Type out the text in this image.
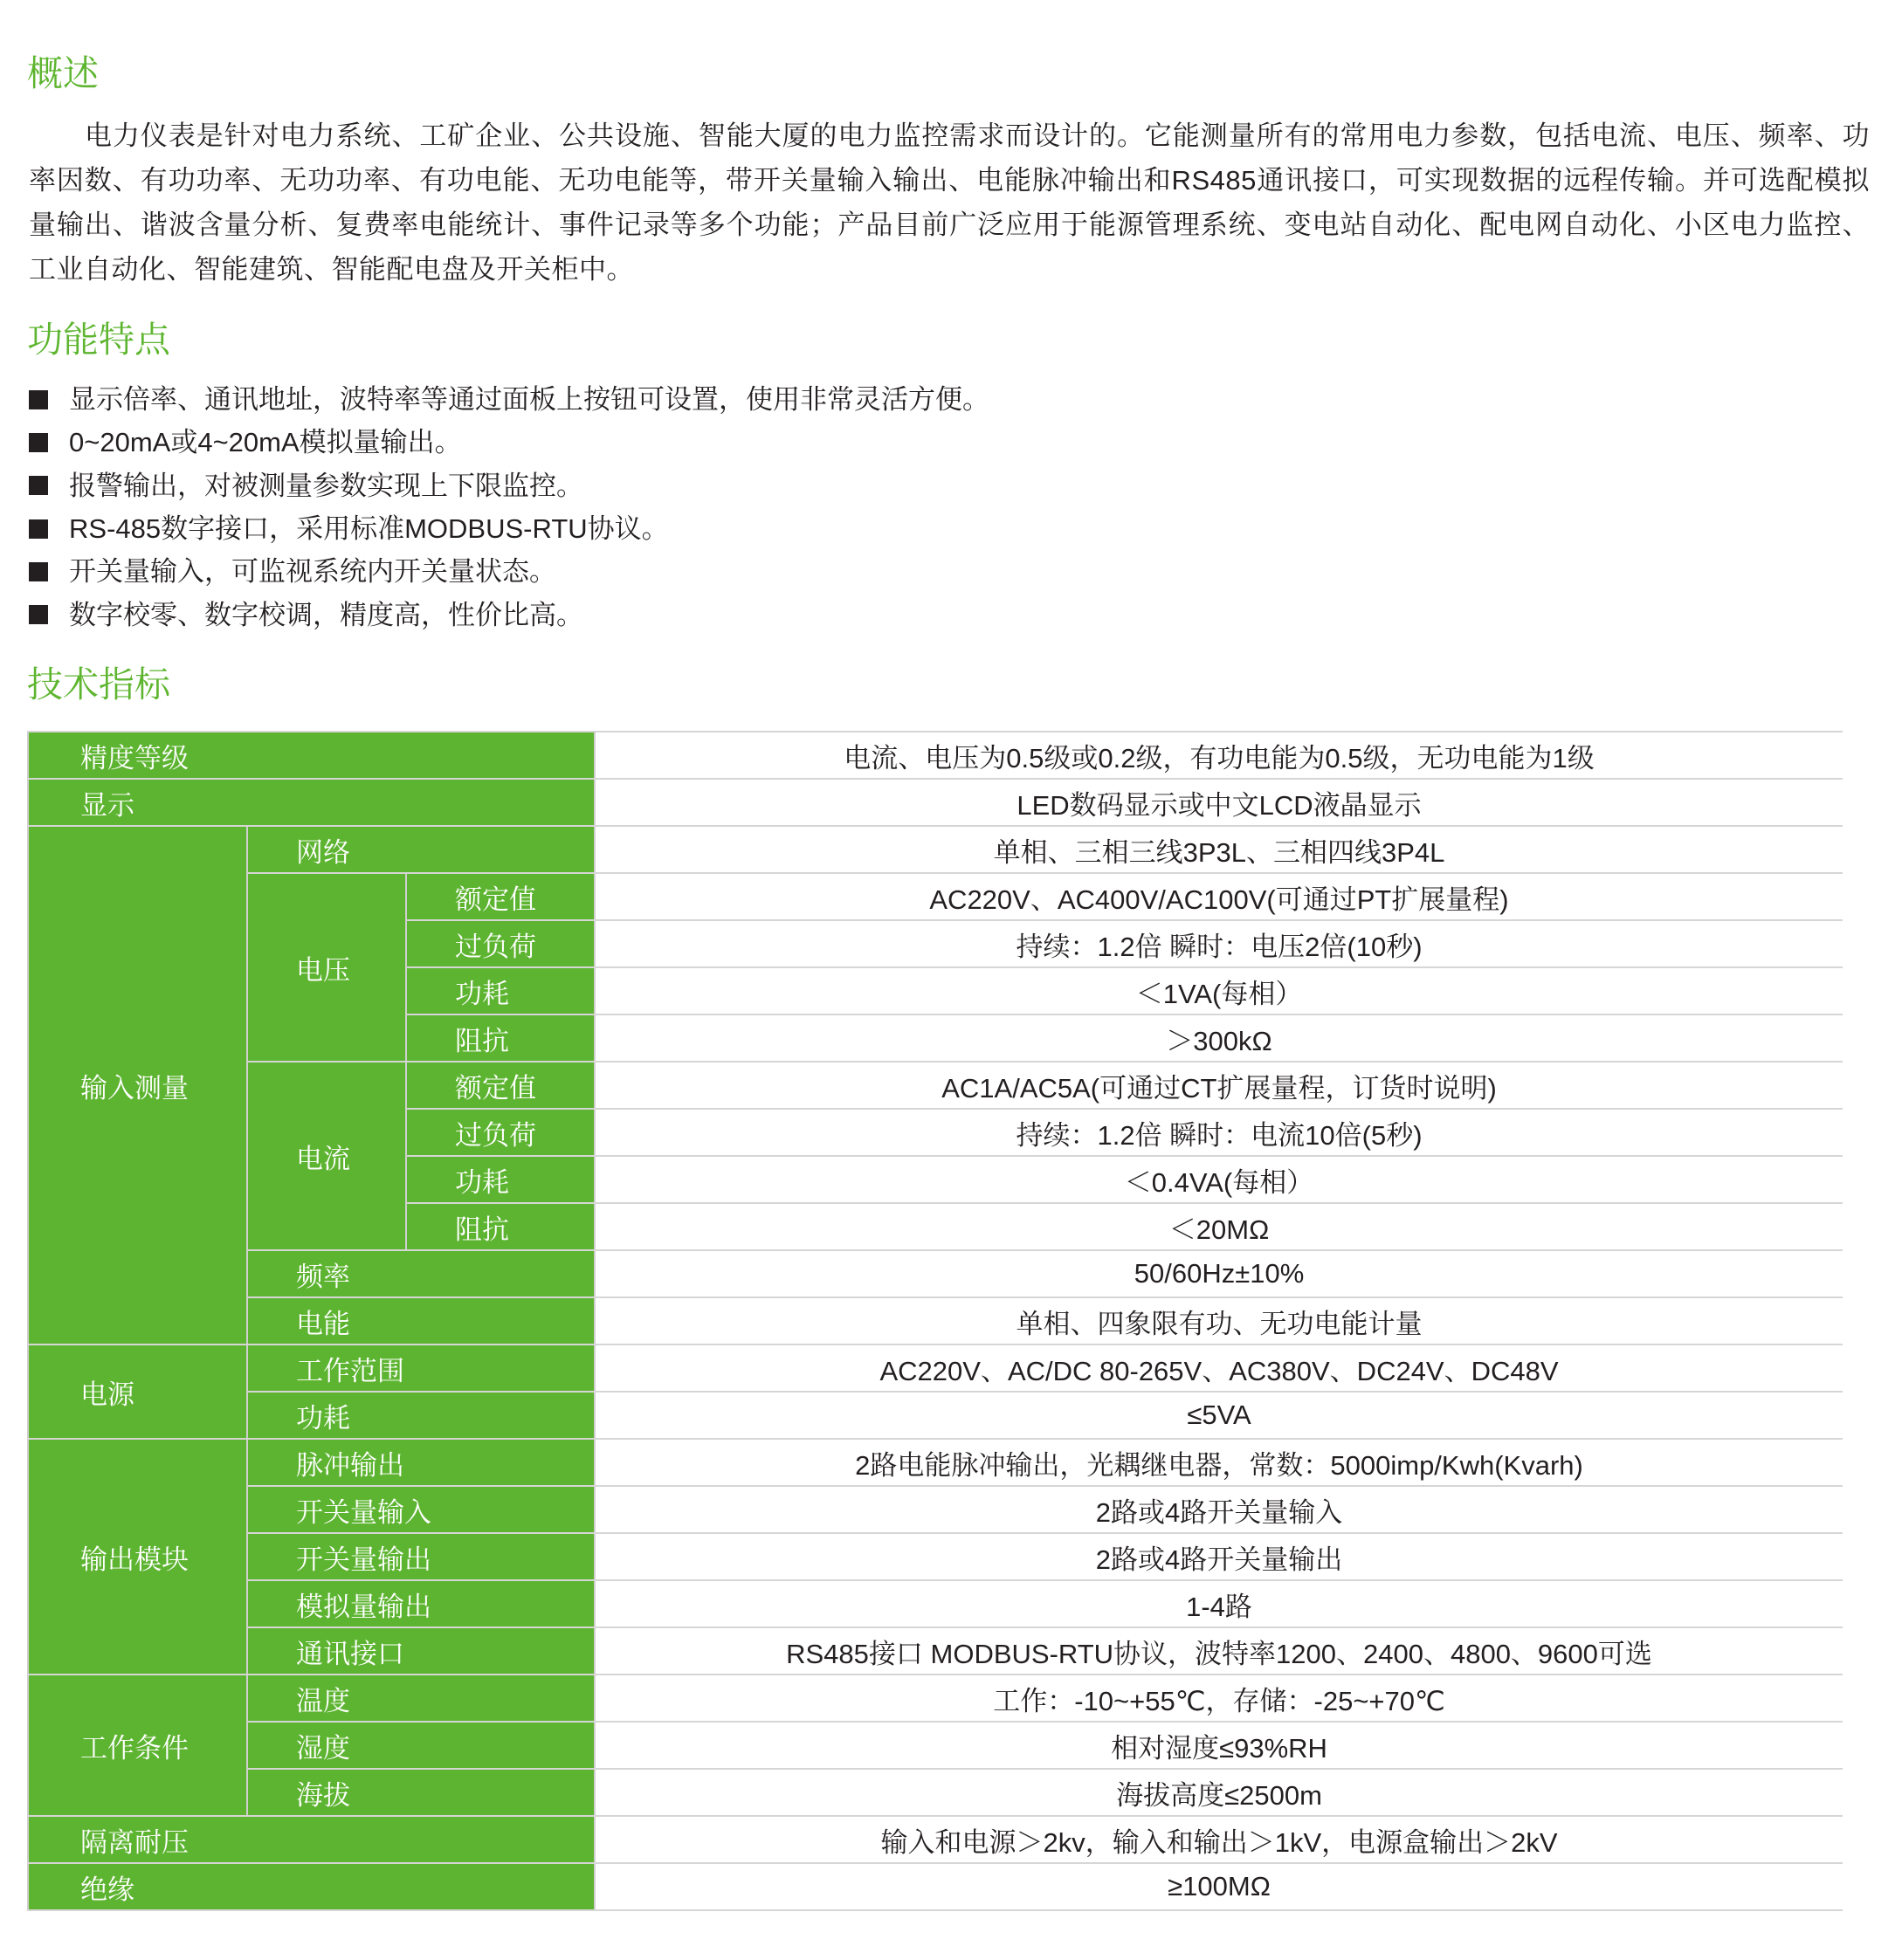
概述
电力仪表是针对电力系统、工矿企业、公共设施、智能大厦的电力监控需求而设计的。它能测量所有的常用电力参数，包括电流、电压、频率、功率因数、有功功率、无功功率、有功电能、无功电能等，带开关量输入输出、电能脉冲输出和RS485通讯接口，可实现数据的远程传输。并可选配模拟量输出、谐波含量分析、复费率电能统计、事件记录等多个功能；产品目前广泛应用于能源管理系统、变电站自动化、配电网自动化、小区电力监控、工业自动化、智能建筑、智能配电盘及开关柜中。
功能特点
显示倍率、通讯地址，波特率等通过面板上按钮可设置，使用非常灵活方便。
0~20mA或4~20mA模拟量输出。
报警输出，对被测量参数实现上下限监控。
RS-485数字接口，采用标准MODBUS-RTU协议。
开关量输入，可监视系统内开关量状态。
数字校零、数字校调，精度高，性价比高。
技术指标
精度等级			电流、电压为0.5级或0.2级，有功电能为0.5级，无功电能为1级

显示			LED数码显示或中文LCD液晶显示

输入测量	网络		单相、三相三线3P3L、三相四线3P4L

	电压	额定值	AC220V、AC400V/AC100V(可通过PT扩展量程)

		过负荷	持续：1.2倍 瞬时：电压2倍(10秒)

		功耗	＜1VA(每相）

		阻抗	＞300kΩ

	电流	额定值	AC1A/AC5A(可通过CT扩展量程，订货时说明)

		过负荷	持续：1.2倍 瞬时：电流10倍(5秒)

		功耗	＜0.4VA(每相）

		阻抗	＜20MΩ

	频率		50/60Hz±10%

	电能		单相、四象限有功、无功电能计量

电源	工作范围		AC220V、AC/DC 80-265V、AC380V、DC24V、DC48V

	功耗		≤5VA

输出模块	脉冲输出		2路电能脉冲输出，光耦继电器，常数：5000imp/Kwh(Kvarh)

	开关量输入		2路或4路开关量输入

	开关量输出		2路或4路开关量输出

	模拟量输出		1-4路

	通讯接口		RS485接口 MODBUS-RTU协议，波特率1200、2400、4800、9600可选

工作条件	温度		工作：-10~+55℃，存储：-25~+70℃

	湿度		相对湿度≤93%RH

	海拔		海拔高度≤2500m

隔离耐压			输入和电源＞2kv，输入和输出＞1kV，电源盒输出＞2kV

绝缘			≥100MΩ
